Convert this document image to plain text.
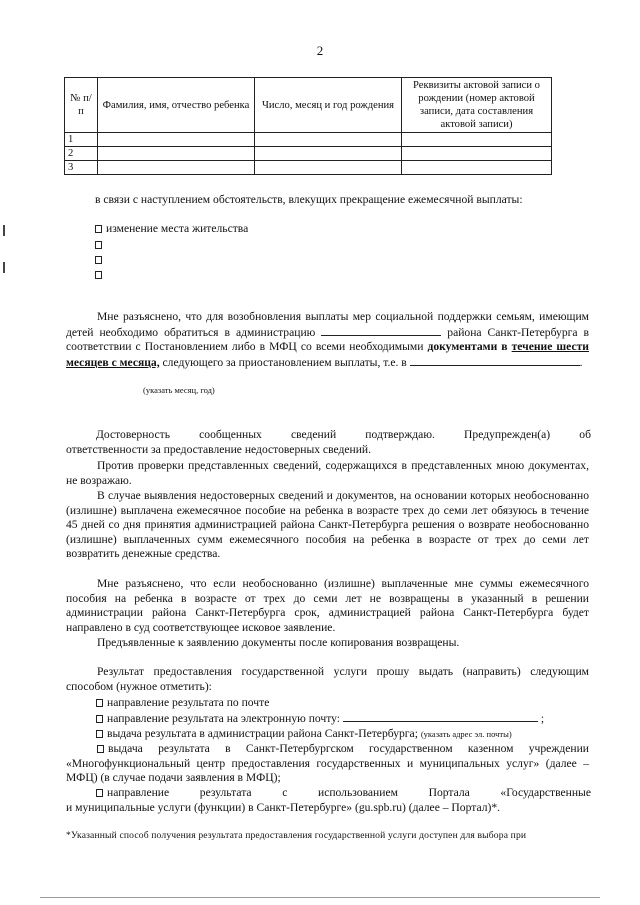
2
№ п/п	Фамилия, имя, отчество ребенка	Число, месяц и год рождения	Реквизиты актовой записи о рождении (номер актовой записи, дата составления актовой записи)
1			
2			
3			
в связи с наступлением обстоятельств, влекущих прекращение ежемесячной выплаты:
изменение места жительства

Мне разъяснено, что для возобновления выплаты мер социальной поддержки семьям, имеющим детей необходимо обратиться в администрацию	района Санкт-Петербурга в соответствии с Постановлением либо в МФЦ со всеми необходимыми документами в течение шести месяцев с месяца, следующего за приостановлением выплаты, т.е. в	.

(указать месяц, год)
Достоверность	сообщенных	сведений	подтверждаю.	Предупрежден(а)	об
ответственности за предоставление недостоверных сведений.

Против проверки представленных сведений, содержащихся в представленных мною документах, не возражаю.

В случае выявления недостоверных сведений и документов, на основании которых необоснованно (излишне) выплачена ежемесячное пособие на ребенка в возрасте трех до семи лет обязуюсь в течение 45 дней со дня принятия администрацией района Санкт-Петербурга решения о возврате необоснованно (излишне) выплаченных сумм ежемесячного пособия на ребенка в возрасте от трех до семи лет возвратить денежные средства.

Мне разъяснено, что если необоснованно (излишне) выплаченные мне суммы ежемесячного пособия на ребенка в возрасте от трех до семи лет не возвращены в указанный в решении администрации района Санкт-Петербурга срок, администрацией района Санкт-Петербурга будет направлено в суд соответствующее исковое заявление.

Предъявленные к заявлению документы после копирования возвращены.

Результат предоставления государственной услуги прошу выдать (направить) следующим способом (нужное отметить):

направление результата по почте
направление результата на электронную почту:	;
выдача результата в администрации района Санкт-Петербурга; (указать адрес эл. почты)

выдача результата в Санкт-Петербургском государственном казенном учреждении «Многофункциональный центр предоставления государственных и муниципальных услуг» (далее – МФЦ) (в случае подачи заявления в МФЦ);

направление	результата	с	использованием	Портала	«Государственные
и муниципальные услуги (функции) в Санкт-Петербурге» (gu.spb.ru) (далее – Портал)*.
*Указанный способ получения результата предоставления государственной услуги доступен для выбора при
